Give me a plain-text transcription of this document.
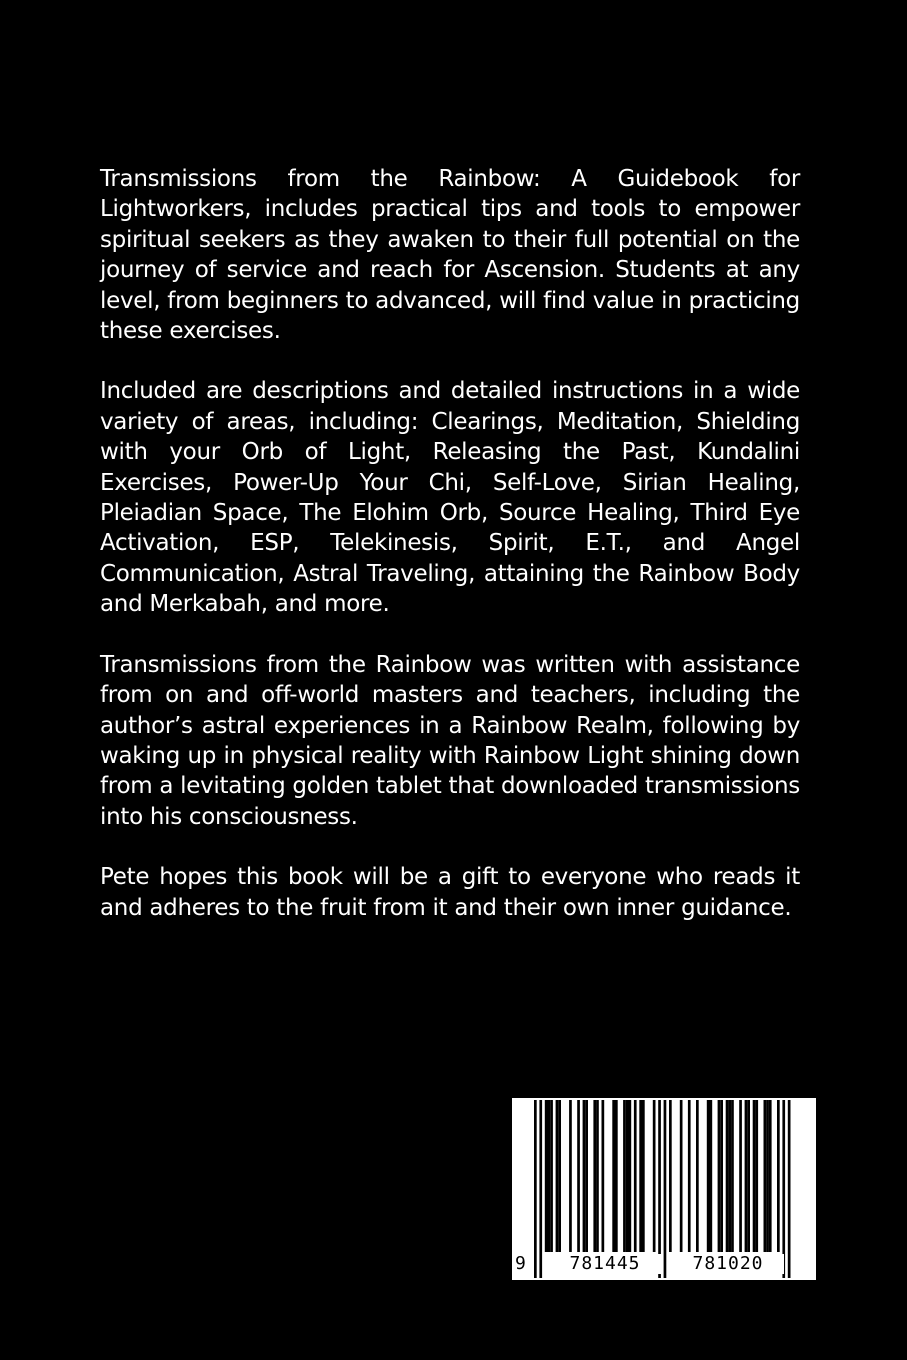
Transmissions from the Rainbow: A Guidebook for Lightworkers, includes practical tips and tools to empower spiritual seekers as they awaken to their full potential on the journey of service and reach for Ascension. Students at any level, from beginners to advanced, will find value in practicing these exercises.

Included are descriptions and detailed instructions in a wide variety of areas, including: Clearings, Meditation, Shielding with your Orb of Light, Releasing the Past, Kundalini Exercises, Power-Up Your Chi, Self-Love, Sirian Healing, Pleiadian Space, The Elohim Orb, Source Healing, Third Eye Activation, ESP, Telekinesis, Spirit, E.T., and Angel Communication, Astral Traveling, attaining the Rainbow Body and Merkabah, and more.

Transmissions from the Rainbow was written with assistance from on and off-world masters and teachers, including the author’s astral experiences in a Rainbow Realm, following by waking up in physical reality with Rainbow Light shining down from a levitating golden tablet that downloaded transmissions into his consciousness.

Pete hopes this book will be a gift to everyone who reads it and adheres to the fruit from it and their own inner guidance.

9	781445	781020
